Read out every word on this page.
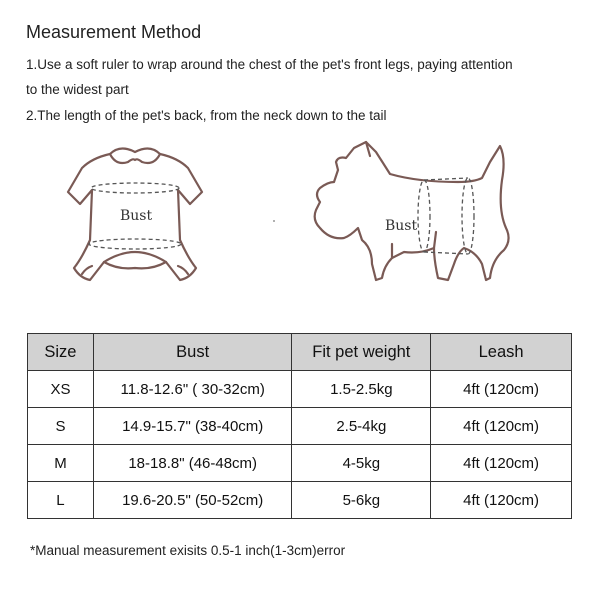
Measurement Method
1.Use a soft ruler to wrap around the chest of the pet's front legs, paying attention
to the widest part
2.The length of the pet's back, from the neck down to the tail
Bust
Bust
Size	Bust	Fit pet weight	Leash
XS	11.8-12.6" ( 30-32cm)	1.5-2.5kg	4ft (120cm)
S	14.9-15.7" (38-40cm)	2.5-4kg	4ft (120cm)
M	18-18.8" (46-48cm)	4-5kg	4ft (120cm)
L	19.6-20.5" (50-52cm)	5-6kg	4ft (120cm)
*Manual measurement exisits 0.5-1 inch(1-3cm)error
